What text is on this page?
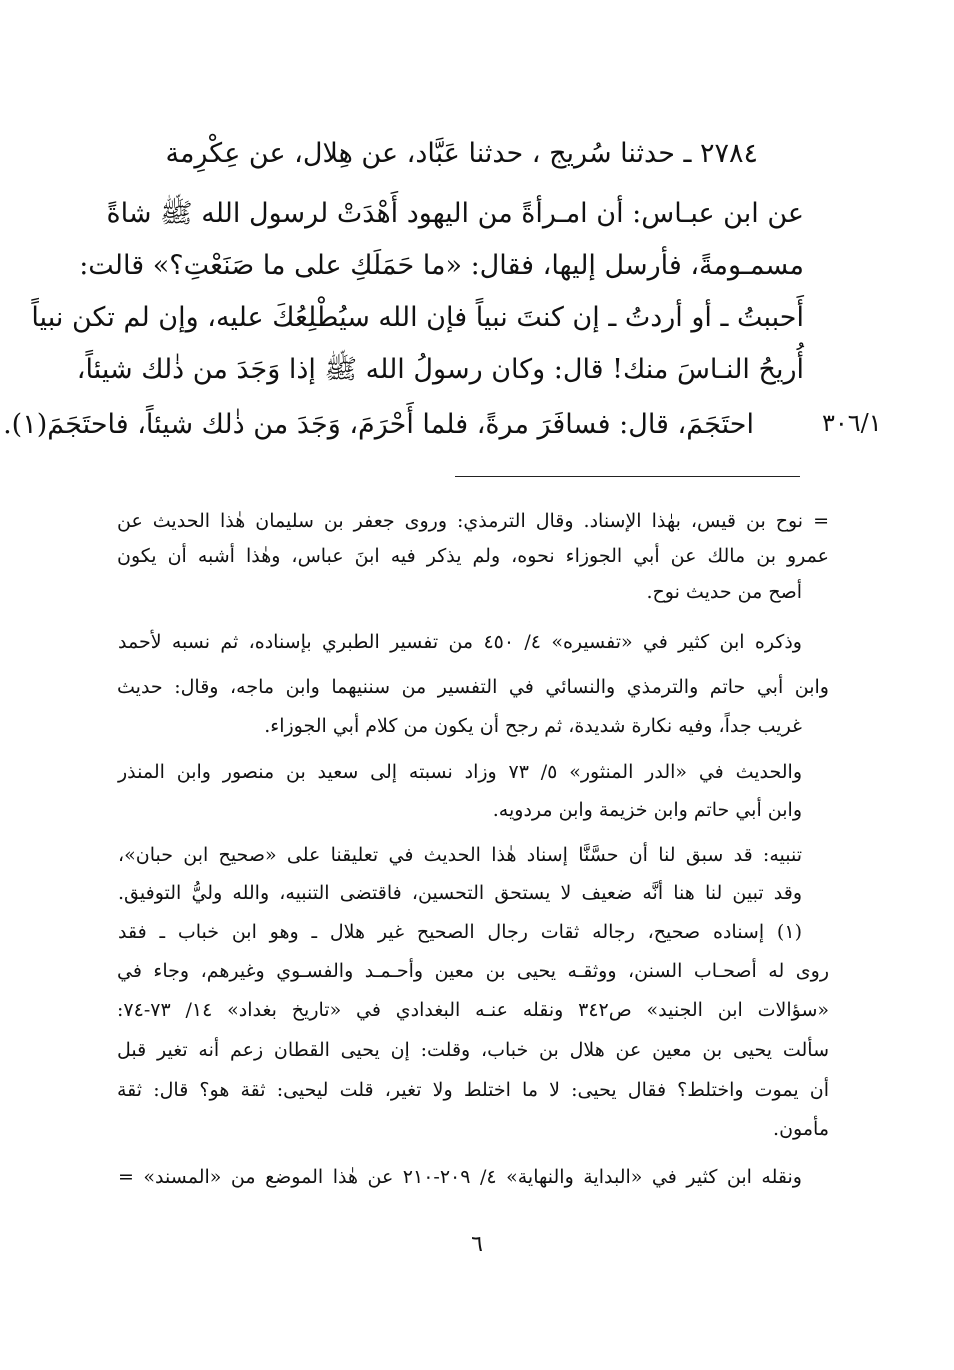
٢٧٨٤ ـ حدثنا سُريج ، حدثنا عَبَّاد، عن هِلال، عن عِكْرِمة
عن ابن عبـاس: أن امـرأةً من اليهود أَهْدَتْ لرسول الله ﷺ شاةً
مسمـومةً، فأرسل إليها، فقال: «ما حَمَلَكِ على ما صَنَعْتِ؟» قالت:
أَحببتُ ـ أو أردتُ ـ إن كنتَ نبياً فإن الله سيُطْلِعُكَ عليه، وإن لم تكن نبياً
أُريحُ النـاسَ منك! قال: وكان رسولُ الله ﷺ إذا وَجَدَ من ذٰلك شيئاً،
احتَجَمَ، قال: فسافَرَ مرةً، فلما أَحْرَمَ، وَجَدَ من ذٰلك شيئاً، فاحتَجَمَ(١).	٣٠٦/١
= نوح بن قيس، بهٰذا الإسناد. وقال الترمذي: وروى جعفر بن سليمان هٰذا الحديث عن
عمرو بن مالك عن أبي الجوزاء نحوه، ولم يذكر فيه ابنَ عباس، وهٰذا أشبه أن يكون
أصح من حديث نوح.
وذكره ابن كثير في «تفسيره» ٤/ ٤٥٠ من تفسير الطبري بإسناده، ثم نسبه لأحمد
وابن أبي حاتم والترمذي والنسائي في التفسير من سننيهما وابن ماجه، وقال: حديث
غريب جداً، وفيه نكارة شديدة، ثم رجح أن يكون من كلام أبي الجوزاء.
والحديث في «الدر المنثور» ٥/ ٧٣ وزاد نسبته إلى سعيد بن منصور وابن المنذر
وابن أبي حاتم وابن خزيمة وابن مردويه.
تنبيه: قد سبق لنا أن حسَّنَّا إسناد هٰذا الحديث في تعليقنا على «صحيح ابن حبان»،
وقد تبين لنا هنا أنَّه ضعيف لا يستحق التحسين، فاقتضى التنبيه، والله وليُّ التوفيق.
(١) إسناده صحيح، رجاله ثقات رجال الصحيح غير هلال ـ وهو ابن خباب ـ فقد
روى له أصحـاب السنن، ووثقـه يحيى بن معين وأحـمـد والفسـوي وغيرهم، وجاء في
«سؤالات ابن الجنيد» ص٣٤٢ ونقله عنـه البغدادي في «تاريخ بغداد» ١٤/ ٧٣-٧٤:
سألت يحيى بن معين عن هلال بن خباب، وقلت: إن يحيى القطان زعم أنه تغير قبل
أن يموت واختلط؟ فقال يحيى: لا ما اختلط ولا تغير، قلت ليحيى: ثقة هو؟ قال: ثقة
مأمون.
ونقله ابن كثير في «البداية والنهاية» ٤/ ٢٠٩-٢١٠ عن هٰذا الموضع من «المسند» =
٦
